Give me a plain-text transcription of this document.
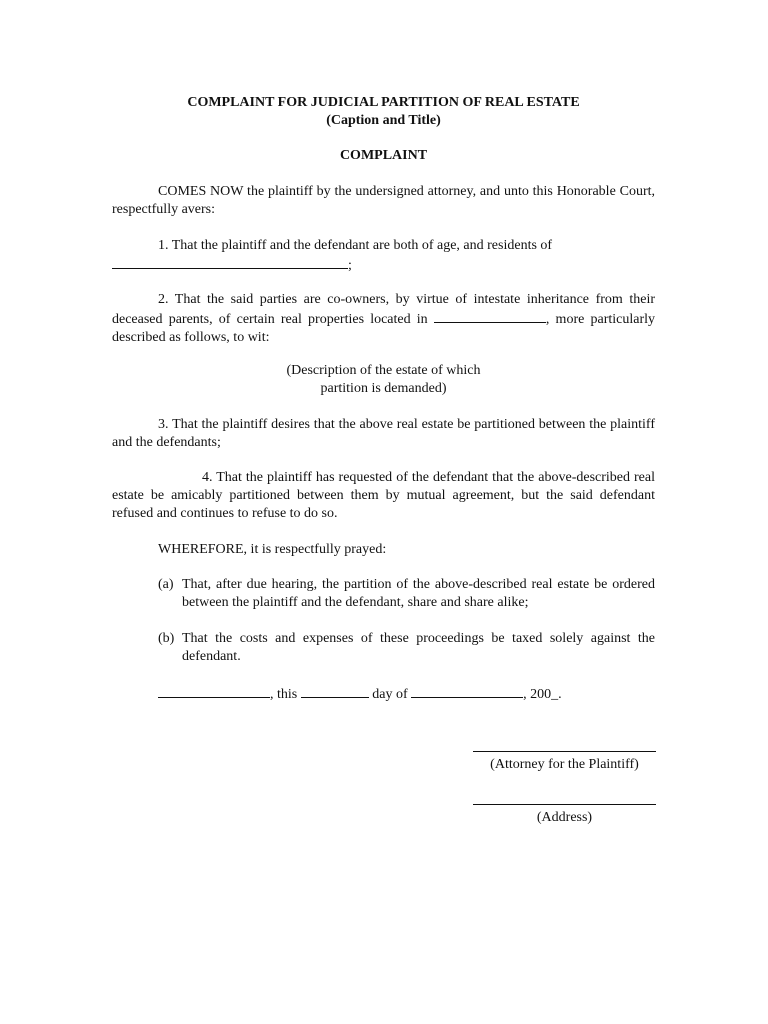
COMPLAINT FOR JUDICIAL PARTITION OF REAL ESTATE
(Caption and Title)
COMPLAINT
COMES NOW the plaintiff by the undersigned attorney, and unto this Honorable Court, respectfully avers:
1. That the plaintiff and the defendant are both of age, and residents of
;
2. That the said parties are co-owners, by virtue of intestate inheritance from their deceased parents, of certain real properties located in	, more particularly described as follows, to wit:
(Description of the estate of which
partition is demanded)
3. That the plaintiff desires that the above real estate be partitioned between the plaintiff and the defendants;
4. That the plaintiff has requested of the defendant that the above-described real estate be amicably partitioned between them by mutual agreement, but the said defendant refused and continues to refuse to do so.
WHEREFORE, it is respectfully prayed:
(a) That, after due hearing, the partition of the above-described real estate be ordered between the plaintiff and the defendant, share and share alike;
(b) That the costs and expenses of these proceedings be taxed solely against the defendant.
, this	day of	, 200_.
(Attorney for the Plaintiff)
(Address)
